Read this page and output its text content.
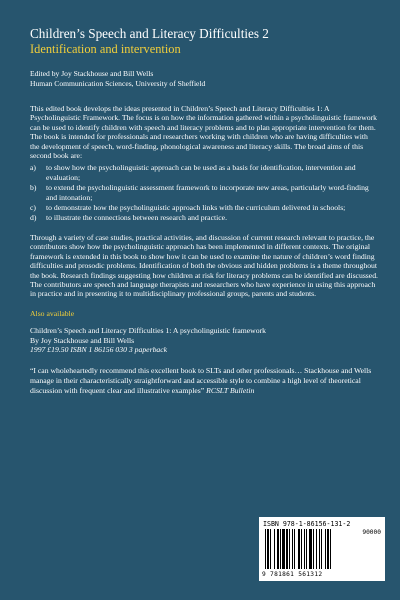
Children’s Speech and Literacy Difficulties 2
Identification and intervention
Edited by Joy Stackhouse and Bill Wells
Human Communication Sciences, University of Sheffield

This edited book develops the ideas presented in Children’s Speech and Literacy Difficulties 1: A Psycholinguistic Framework. The focus is on how the information gathered within a psycholinguistic framework can be used to identify children with speech and literacy problems and to plan appropriate intervention for them. The book is intended for professionals and researchers working with children who are having difficulties with the development of speech, word-finding, phonological awareness and literacy skills. The broad aims of this second book are:

a)	to show how the psycholinguistic approach can be used as a basis for identification, intervention and evaluation;
b)	to extend the psycholinguistic assessment framework to incorporate new areas, particularly word-finding and intonation;
c)	to demonstrate how the psycholinguistic approach links with the curriculum delivered in schools;
d)	to illustrate the connections between research and practice.

Through a variety of case studies, practical activities, and discussion of current research relevant to practice, the contributors show how the psycholinguistic approach has been implemented in different contexts. The original framework is extended in this book to show how it can be used to examine the nature of children’s word finding difficulties and prosodic problems. Identification of both the obvious and hidden problems is a theme throughout the book. Research findings suggesting how children at risk for literacy problems can be identified are discussed. The contributors are speech and language therapists and researchers who have experience in using this approach in practice and in presenting it to multidisciplinary professional groups, parents and students.

Also available
Children’s Speech and Literacy Difficulties 1: A psycholinguistic framework
By Joy Stackhouse and Bill Wells
1997 £19.50 ISBN 1 86156 030 3 paperback

“I can wholeheartedly recommend this excellent book to SLTs and other professionals… Stackhouse and Wells manage in their characteristically straightforward and accessible style to combine a high level of theoretical discussion with frequent clear and illustrative examples” RCSLT Bulletin

ISBN 978-1-86156-131-2
90000
9 781861 561312
